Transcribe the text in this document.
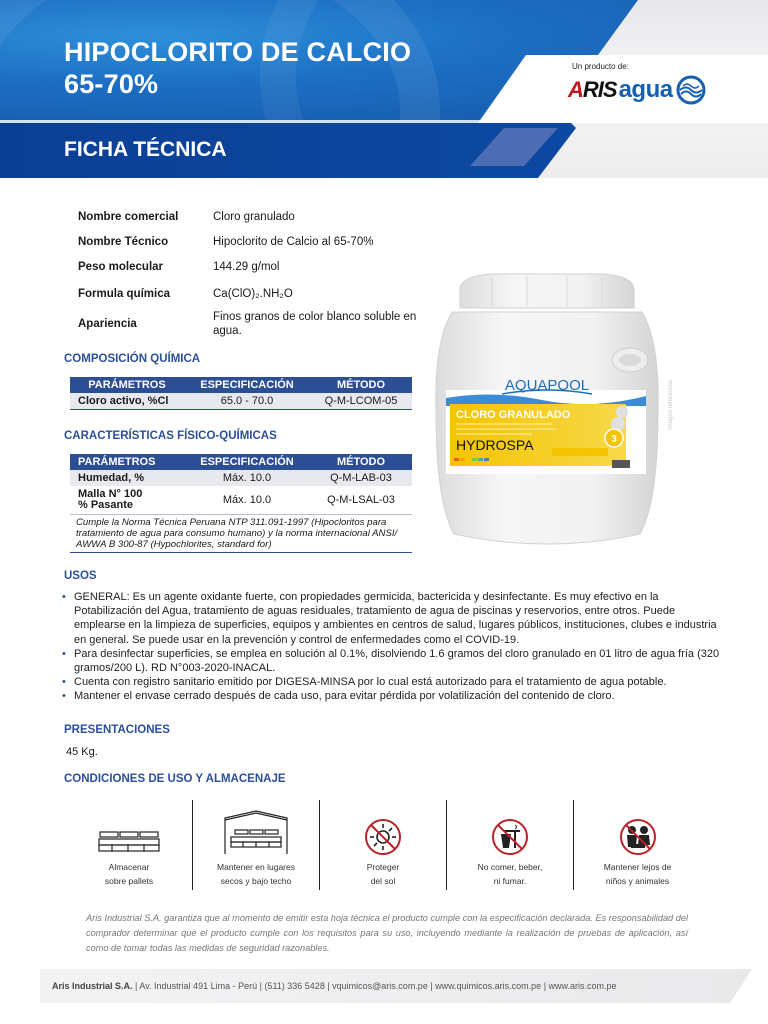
HIPOCLORITO DE CALCIO
65-70%
FICHA TÉCNICA
Un producto de:
ARIS agua
Nombre comercial	Cloro granulado
Nombre Técnico	Hipoclorito de Calcio al 65-70%
Peso molecular	144.29 g/mol
Formula química	Ca(ClO)₂.NH₂O
Apariencia
Finos granos de color blanco soluble en agua.
COMPOSICIÓN QUÍMICA
PARÁMETROS	ESPECIFICACIÓN	MÉTODO
Cloro activo, %Cl	65.0 - 70.0	Q-M-LCOM-05
CARACTERÍSTICAS FÍSICO-QUÍMICAS
PARÁMETROS	ESPECIFICACIÓN	MÉTODO
Humedad, %	Máx. 10.0	Q-M-LAB-03

Malla N° 100
% Pasante	Máx. 10.0	Q-M-LSAL-03
Cumple la Norma Técnica Peruana NTP 311.091-1997 (Hipocloritos para tratamiento de agua para consumo humano) y la norma internacional ANSI/ AWWA B 300-87 (Hypochlorites, standard for)
AQUAPOOL
CLORO GRANULADO
3
HYDROSPA
Imagen referencial
USOS
• GENERAL: Es un agente oxidante fuerte, con propiedades germicida, bactericida y desinfectante. Es muy efectivo en la Potabilización del Agua, tratamiento de aguas residuales, tratamiento de agua de piscinas y reservorios, entre otros. Puede emplearse en la limpieza de superficies, equipos y ambientes en centros de salud, lugares públicos, instituciones, clubes e industria en general. Se puede usar en la prevención y control de enfermedades como el COVID-19.
• Para desinfectar superficies, se emplea en solución al 0.1%, disolviendo 1.6 gramos del cloro granulado en 01 litro de agua fría (320 gramos/200 L). RD N°003-2020-INACAL.
• Cuenta con registro sanitario emitido por DIGESA-MINSA por lo cual está autorizado para el tratamiento de agua potable.
• Mantener el envase cerrado después de cada uso, para evitar pérdida por volatilización del contenido de cloro.
PRESENTACIONES
45 Kg.
CONDICIONES DE USO Y ALMACENAJE
Almacenar
sobre pallets
Mantener en lugares
secos y bajo techo
Proteger
del sol
No comer, beber,
ni fumar.
Mantener lejos de
niños y animales
Aris Industrial S.A. garantiza que al momento de emitir esta hoja técnica el producto cumple con la especificación declarada. Es responsabilidad del comprador determinar que el producto cumple con los requisitos para su uso, incluyendo mediante la realización de pruebas de aplicación, así como de tomar todas las medidas de seguridad razonables.
Aris Industrial S.A. | Av. Industrial 491 Lima - Perú | (511) 336 5428 | vquimicos@aris.com.pe | www.quimicos.aris.com.pe | www.aris.com.pe
